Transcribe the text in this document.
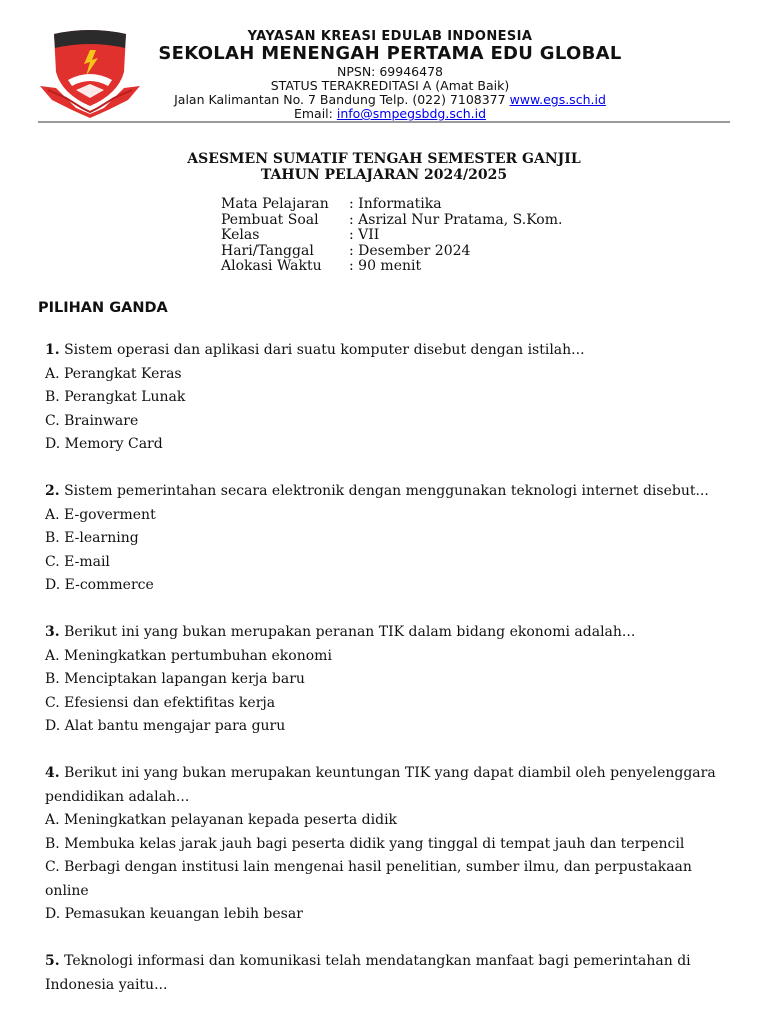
YAYASAN KREASI EDULAB INDONESIA
SEKOLAH MENENGAH PERTAMA EDU GLOBAL
NPSN: 69946478
STATUS TERAKREDITASI A (Amat Baik)
Jalan Kalimantan No. 7 Bandung Telp. (022) 7108377 www.egs.sch.id
Email: info@smpegsbdg.sch.id
ASESMEN SUMATIF TENGAH SEMESTER GANJIL
TAHUN PELAJARAN 2024/2025
Mata Pelajaran	: Informatika
Pembuat Soal	: Asrizal Nur Pratama, S.Kom.
Kelas	: VII
Hari/Tanggal	: Desember 2024
Alokasi Waktu	: 90 menit
PILIHAN GANDA
1. Sistem operasi dan aplikasi dari suatu komputer disebut dengan istilah...
A. Perangkat Keras
B. Perangkat Lunak
C. Brainware
D. Memory Card
2. Sistem pemerintahan secara elektronik dengan menggunakan teknologi internet disebut...
A. E-goverment
B. E-learning
C. E-mail
D. E-commerce
3. Berikut ini yang bukan merupakan peranan TIK dalam bidang ekonomi adalah...
A. Meningkatkan pertumbuhan ekonomi
B. Menciptakan lapangan kerja baru
C. Efesiensi dan efektifitas kerja
D. Alat bantu mengajar para guru
4. Berikut ini yang bukan merupakan keuntungan TIK yang dapat diambil oleh penyelenggara pendidikan adalah...
A. Meningkatkan pelayanan kepada peserta didik
B. Membuka kelas jarak jauh bagi peserta didik yang tinggal di tempat jauh dan terpencil
C. Berbagi dengan institusi lain mengenai hasil penelitian, sumber ilmu, dan perpustakaan online
D. Pemasukan keuangan lebih besar
5. Teknologi informasi dan komunikasi telah mendatangkan manfaat bagi pemerintahan di Indonesia yaitu...
